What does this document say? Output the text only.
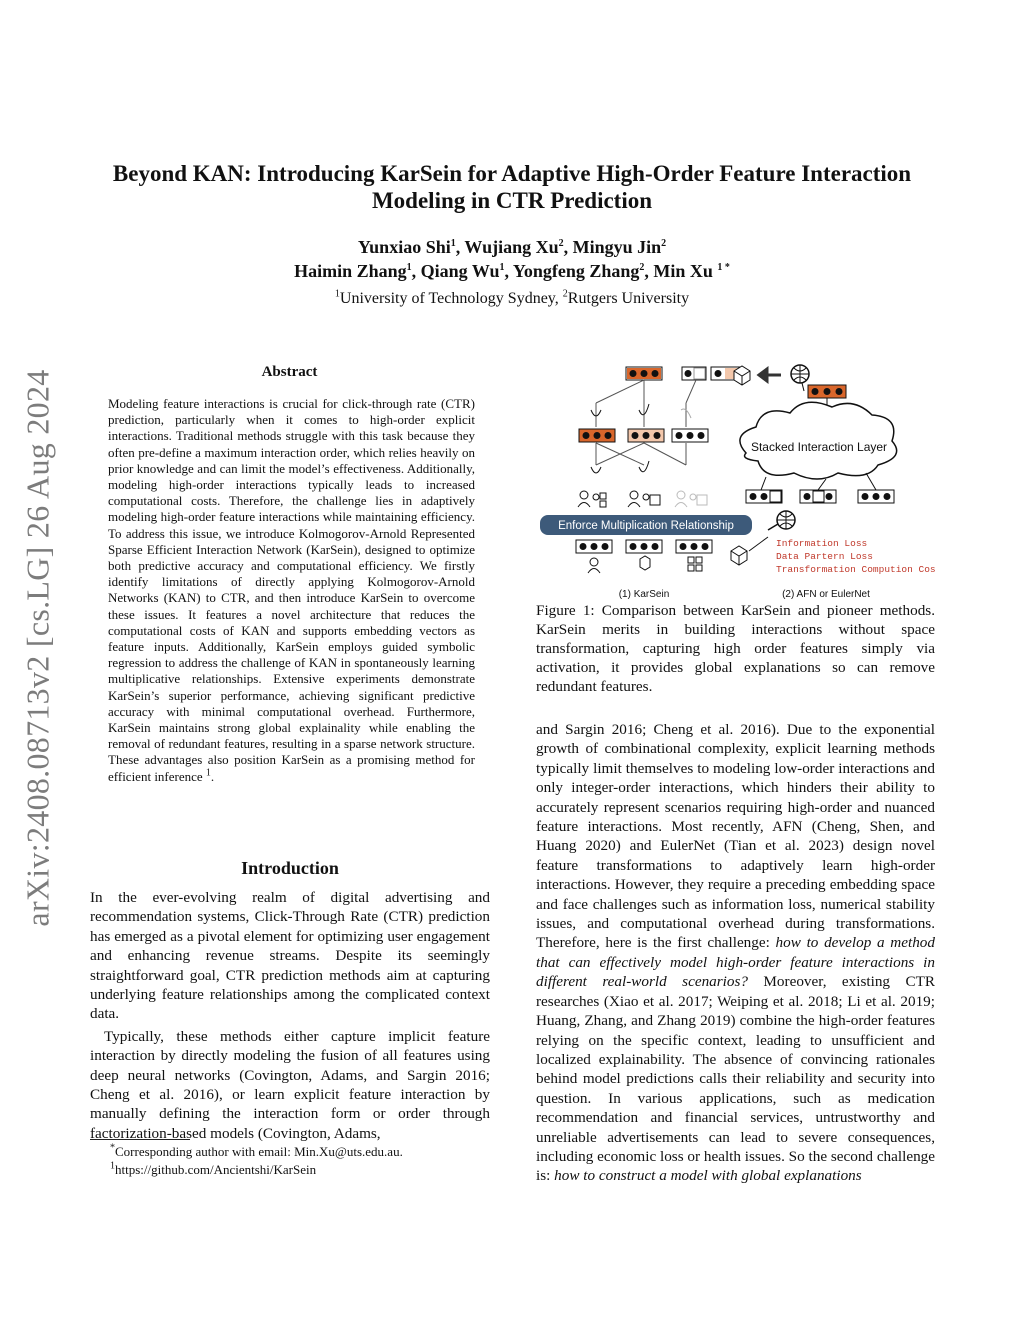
arXiv:2408.08713v2 [cs.LG] 26 Aug 2024
Beyond KAN: Introducing KarSein for Adaptive High-Order Feature Interaction
Modeling in CTR Prediction
Yunxiao Shi$^1$, Wujiang Xu$^2$, Mingyu Jin$^2$
Haimin Zhang$^1$, Qiang Wu$^1$, Yongfeng Zhang$^2$, Min Xu $^{1 *}$
$^1$University of Technology Sydney, $^2$Rutgers University
Abstract
Modeling feature interactions is crucial for click-through rate (CTR) prediction, particularly when it comes to high-order explicit interactions. Traditional methods struggle with this task because they often pre-define a maximum interaction order, which relies heavily on prior knowledge and can limit the model’s effectiveness. Additionally, modeling high-order interactions typically leads to increased computational costs. Therefore, the challenge lies in adaptively modeling high-order feature interactions while maintaining efficiency. To address this issue, we introduce Kolmogorov-Arnold Represented Sparse Efficient Interaction Network (KarSein), designed to optimize both predictive accuracy and computational efficiency. We firstly identify limitations of directly applying Kolmogorov-Arnold Networks (KAN) to CTR, and then introduce KarSein to overcome these issues. It features a novel architecture that reduces the computational costs of KAN and supports embedding vectors as feature inputs. Additionally, KarSein employs guided symbolic regression to address the challenge of KAN in spontaneously learning multiplicative relationships. Extensive experiments demonstrate KarSein’s superior performance, achieving significant predictive accuracy with minimal computational overhead. Furthermore, KarSein maintains strong global explainality while enabling the removal of redundant features, resulting in a sparse network structure. These advantages also position KarSein as a promising method for efficient inference $^1$.
Introduction

In the ever-evolving realm of digital advertising and recommendation systems, Click-Through Rate (CTR) prediction has emerged as a pivotal element for optimizing user engagement and enhancing revenue streams. Despite its seemingly straightforward goal, CTR prediction methods aim at capturing underlying feature relationships among the complicated context data.

Typically, these methods either capture implicit feature interaction by directly modeling the fusion of all features using deep neural networks (Covington, Adams, and Sargin 2016; Cheng et al. 2016), or learn explicit feature interaction by manually defining the interaction form or order through factorization-based models (Covington, Adams,

*Corresponding author with email: Min.Xu@uts.edu.au.
$^1$https://github.com/Ancientshi/KarSein
Enforce Multiplication Relationship
Stacked Interaction Layer
Information Loss
Data Partern Loss
Transformation Compution Cost
(1) KarSein	(2) AFN or EulerNet
Figure 1: Comparison between KarSein and pioneer methods. KarSein merits in building interactions without space transformation, capturing high order features simply via activation, it provides global explanations so can remove redundant features.

and Sargin 2016; Cheng et al. 2016). Due to the exponential growth of combinational complexity, explicit learning methods typically limit themselves to modeling low-order interactions and only integer-order interactions, which hinders their ability to accurately represent scenarios requiring high-order and nuanced feature interactions. Most recently, AFN (Cheng, Shen, and Huang 2020) and EulerNet (Tian et al. 2023) design novel feature transformations to adaptively learn high-order interactions. However, they require a preceding embedding space and face challenges such as information loss, numerical stability issues, and computational overhead during transformations. Therefore, here is the first challenge: how to develop a method that can effectively model high-order feature interactions in different real-world scenarios? Moreover, existing CTR researches (Xiao et al. 2017; Weiping et al. 2018; Li et al. 2019; Huang, Zhang, and Zhang 2019) combine the high-order features relying on the specific context, leading to unsufficient and localized explainability. The absence of convincing rationales behind model predictions calls their reliability and security into question. In various applications, such as medication recommendation and financial services, untrustworthy and unreliable advertisements can lead to severe consequences, including economic loss or health issues. So the second challenge is: how to construct a model with global explanations
